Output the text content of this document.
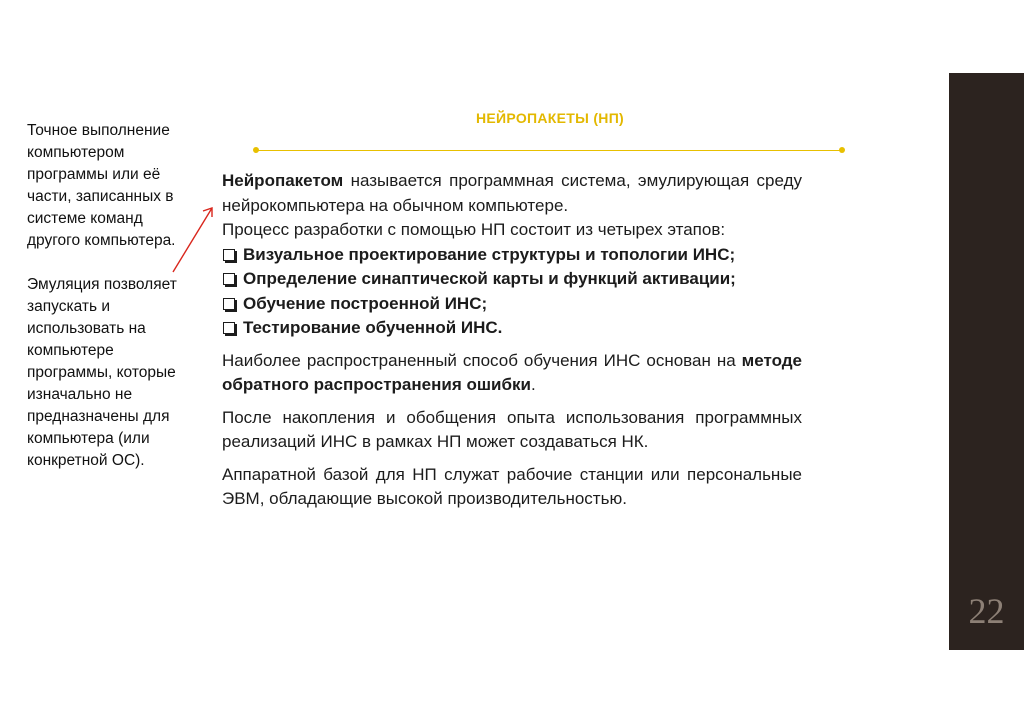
Точное выполнение компьютером программы или её части, записанных в системе команд другого компьютера.

Эмуляция позволяет запускать и использовать на компьютере программы, которые изначально не предназначены для компьютера (или конкретной ОС).

НЕЙРОПАКЕТЫ (НП)

Нейропакетом называется программная система, эмулирующая среду нейрокомпьютера на обычном компьютере.

Процесс разработки с помощью НП состоит из четырех этапов:

Визуальное проектирование структуры и топологии ИНС;
Определение синаптической карты и функций активации;
Обучение построенной ИНС;
Тестирование обученной ИНС.

Наиболее распространенный способ обучения ИНС основан на методе обратного распространения ошибки.

После накопления и обобщения опыта использования программных реализаций ИНС в рамках НП может создаваться НК.

Аппаратной базой для НП служат рабочие станции или персональные ЭВМ, обладающие высокой производительностью.

22
